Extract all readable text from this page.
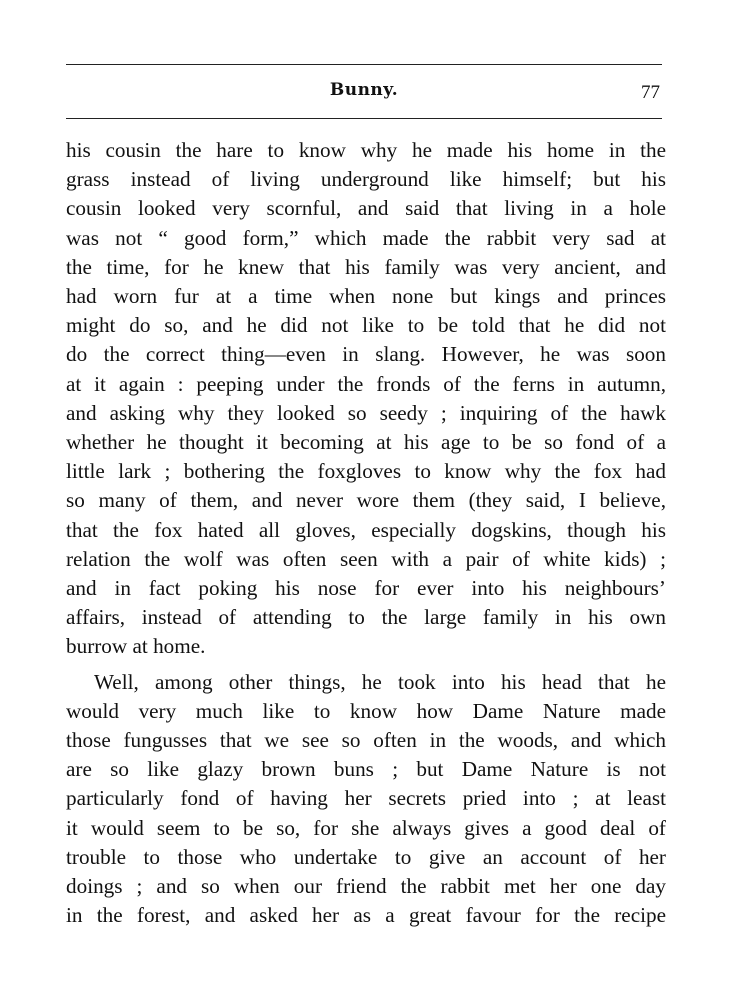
Bunny.	77

his cousin the hare to know why he made his home in the

grass instead of living underground like himself; but his

cousin looked very scornful, and said that living in a hole

was not “ good form,” which made the rabbit very sad at

the time, for he knew that his family was very ancient, and

had worn fur at a time when none but kings and princes

might do so, and he did not like to be told that he did not

do the correct thing—even in slang. However, he was soon

at it again : peeping under the fronds of the ferns in autumn,

and asking why they looked so seedy ; inquiring of the hawk

whether he thought it becoming at his age to be so fond of a

little lark ; bothering the foxgloves to know why the fox had

so many of them, and never wore them (they said, I believe,

that the fox hated all gloves, especially dogskins, though his

relation the wolf was often seen with a pair of white kids) ;

and in fact poking his nose for ever into his neighbours’

affairs, instead of attending to the large family in his own

burrow at home.

Well, among other things, he took into his head that he

would very much like to know how Dame Nature made

those fungusses that we see so often in the woods, and which

are so like glazy brown buns ; but Dame Nature is not

particularly fond of having her secrets pried into ; at least

it would seem to be so, for she always gives a good deal of

trouble to those who undertake to give an account of her

doings ; and so when our friend the rabbit met her one day

in the forest, and asked her as a great favour for the recipe
